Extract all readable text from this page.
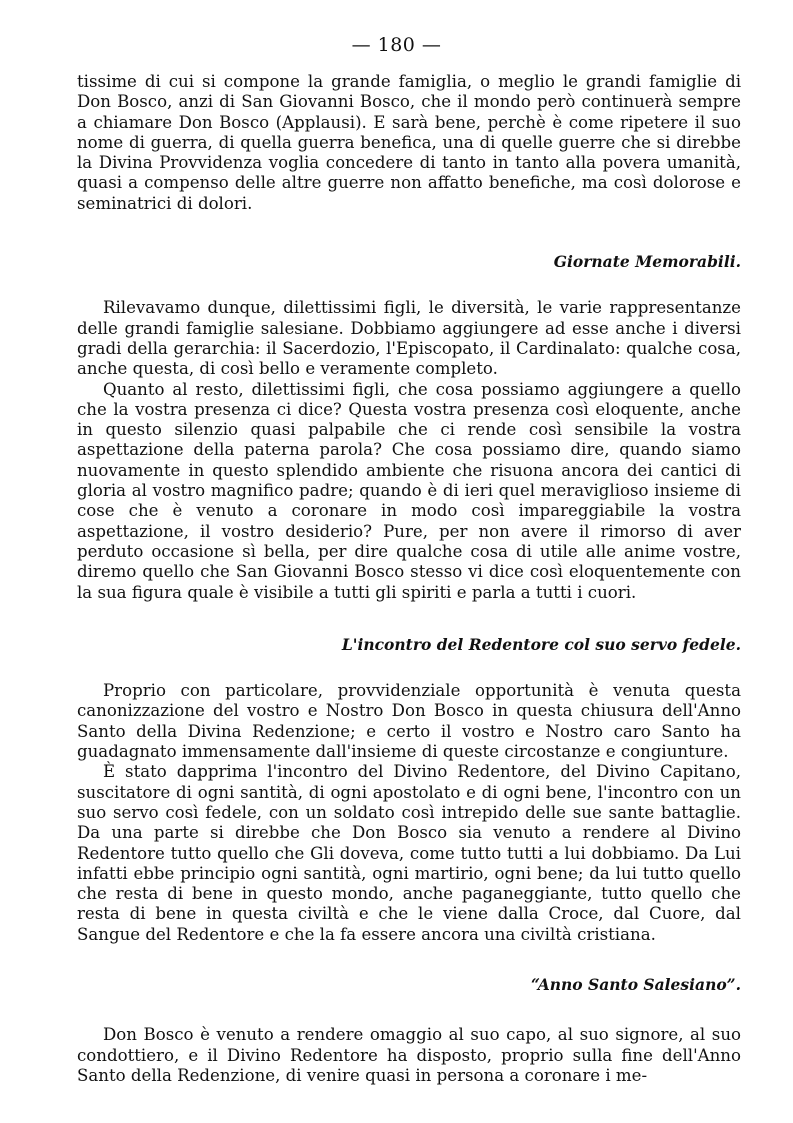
— 180 —

tissime di cui si compone la grande famiglia, o meglio le grandi famiglie di Don Bosco, anzi di San Giovanni Bosco, che il mondo però continuerà sempre a chiamare Don Bosco (Applausi). E sarà bene, perchè è come ripetere il suo nome di guerra, di quella guerra benefica, una di quelle guerre che si direbbe la Divina Provvidenza voglia concedere di tanto in tanto alla povera umanità, quasi a compenso delle altre guerre non affatto benefiche, ma così dolorose e seminatrici di dolori.

Giornate Memorabili.

Rilevavamo dunque, dilettissimi figli, le diversità, le varie rappresentanze delle grandi famiglie salesiane. Dobbiamo aggiungere ad esse anche i diversi gradi della gerarchia: il Sacerdozio, l'Episcopato, il Cardinalato: qualche cosa, anche questa, di così bello e veramente completo.

Quanto al resto, dilettissimi figli, che cosa possiamo aggiungere a quello che la vostra presenza ci dice? Questa vostra presenza così eloquente, anche in questo silenzio quasi palpabile che ci rende così sensibile la vostra aspettazione della paterna parola? Che cosa possiamo dire, quando siamo nuovamente in questo splendido ambiente che risuona ancora dei cantici di gloria al vostro magnifico padre; quando è di ieri quel meraviglioso insieme di cose che è venuto a coronare in modo così impareggiabile la vostra aspettazione, il vostro desiderio? Pure, per non avere il rimorso di aver perduto occasione sì bella, per dire qualche cosa di utile alle anime vostre, diremo quello che San Giovanni Bosco stesso vi dice così eloquentemente con la sua figura quale è visibile a tutti gli spiriti e parla a tutti i cuori.

L'incontro del Redentore col suo servo fedele.

Proprio con particolare, provvidenziale opportunità è venuta questa canonizzazione del vostro e Nostro Don Bosco in questa chiusura dell'Anno Santo della Divina Redenzione; e certo il vostro e Nostro caro Santo ha guadagnato immensamente dall'insieme di queste circostanze e congiunture.

È stato dapprima l'incontro del Divino Redentore, del Divino Capitano, suscitatore di ogni santità, di ogni apostolato e di ogni bene, l'incontro con un suo servo così fedele, con un soldato così intrepido delle sue sante battaglie. Da una parte si direbbe che Don Bosco sia venuto a rendere al Divino Redentore tutto quello che Gli doveva, come tutto tutti a lui dobbiamo. Da Lui infatti ebbe principio ogni santità, ogni martirio, ogni bene; da lui tutto quello che resta di bene in questo mondo, anche paganeggiante, tutto quello che resta di bene in questa civiltà e che le viene dalla Croce, dal Cuore, dal Sangue del Redentore e che la fa essere ancora una civiltà cristiana.

“Anno Santo Salesiano”.

Don Bosco è venuto a rendere omaggio al suo capo, al suo signore, al suo condottiero, e il Divino Redentore ha disposto, proprio sulla fine dell'Anno Santo della Redenzione, di venire quasi in persona a coronare i me-
